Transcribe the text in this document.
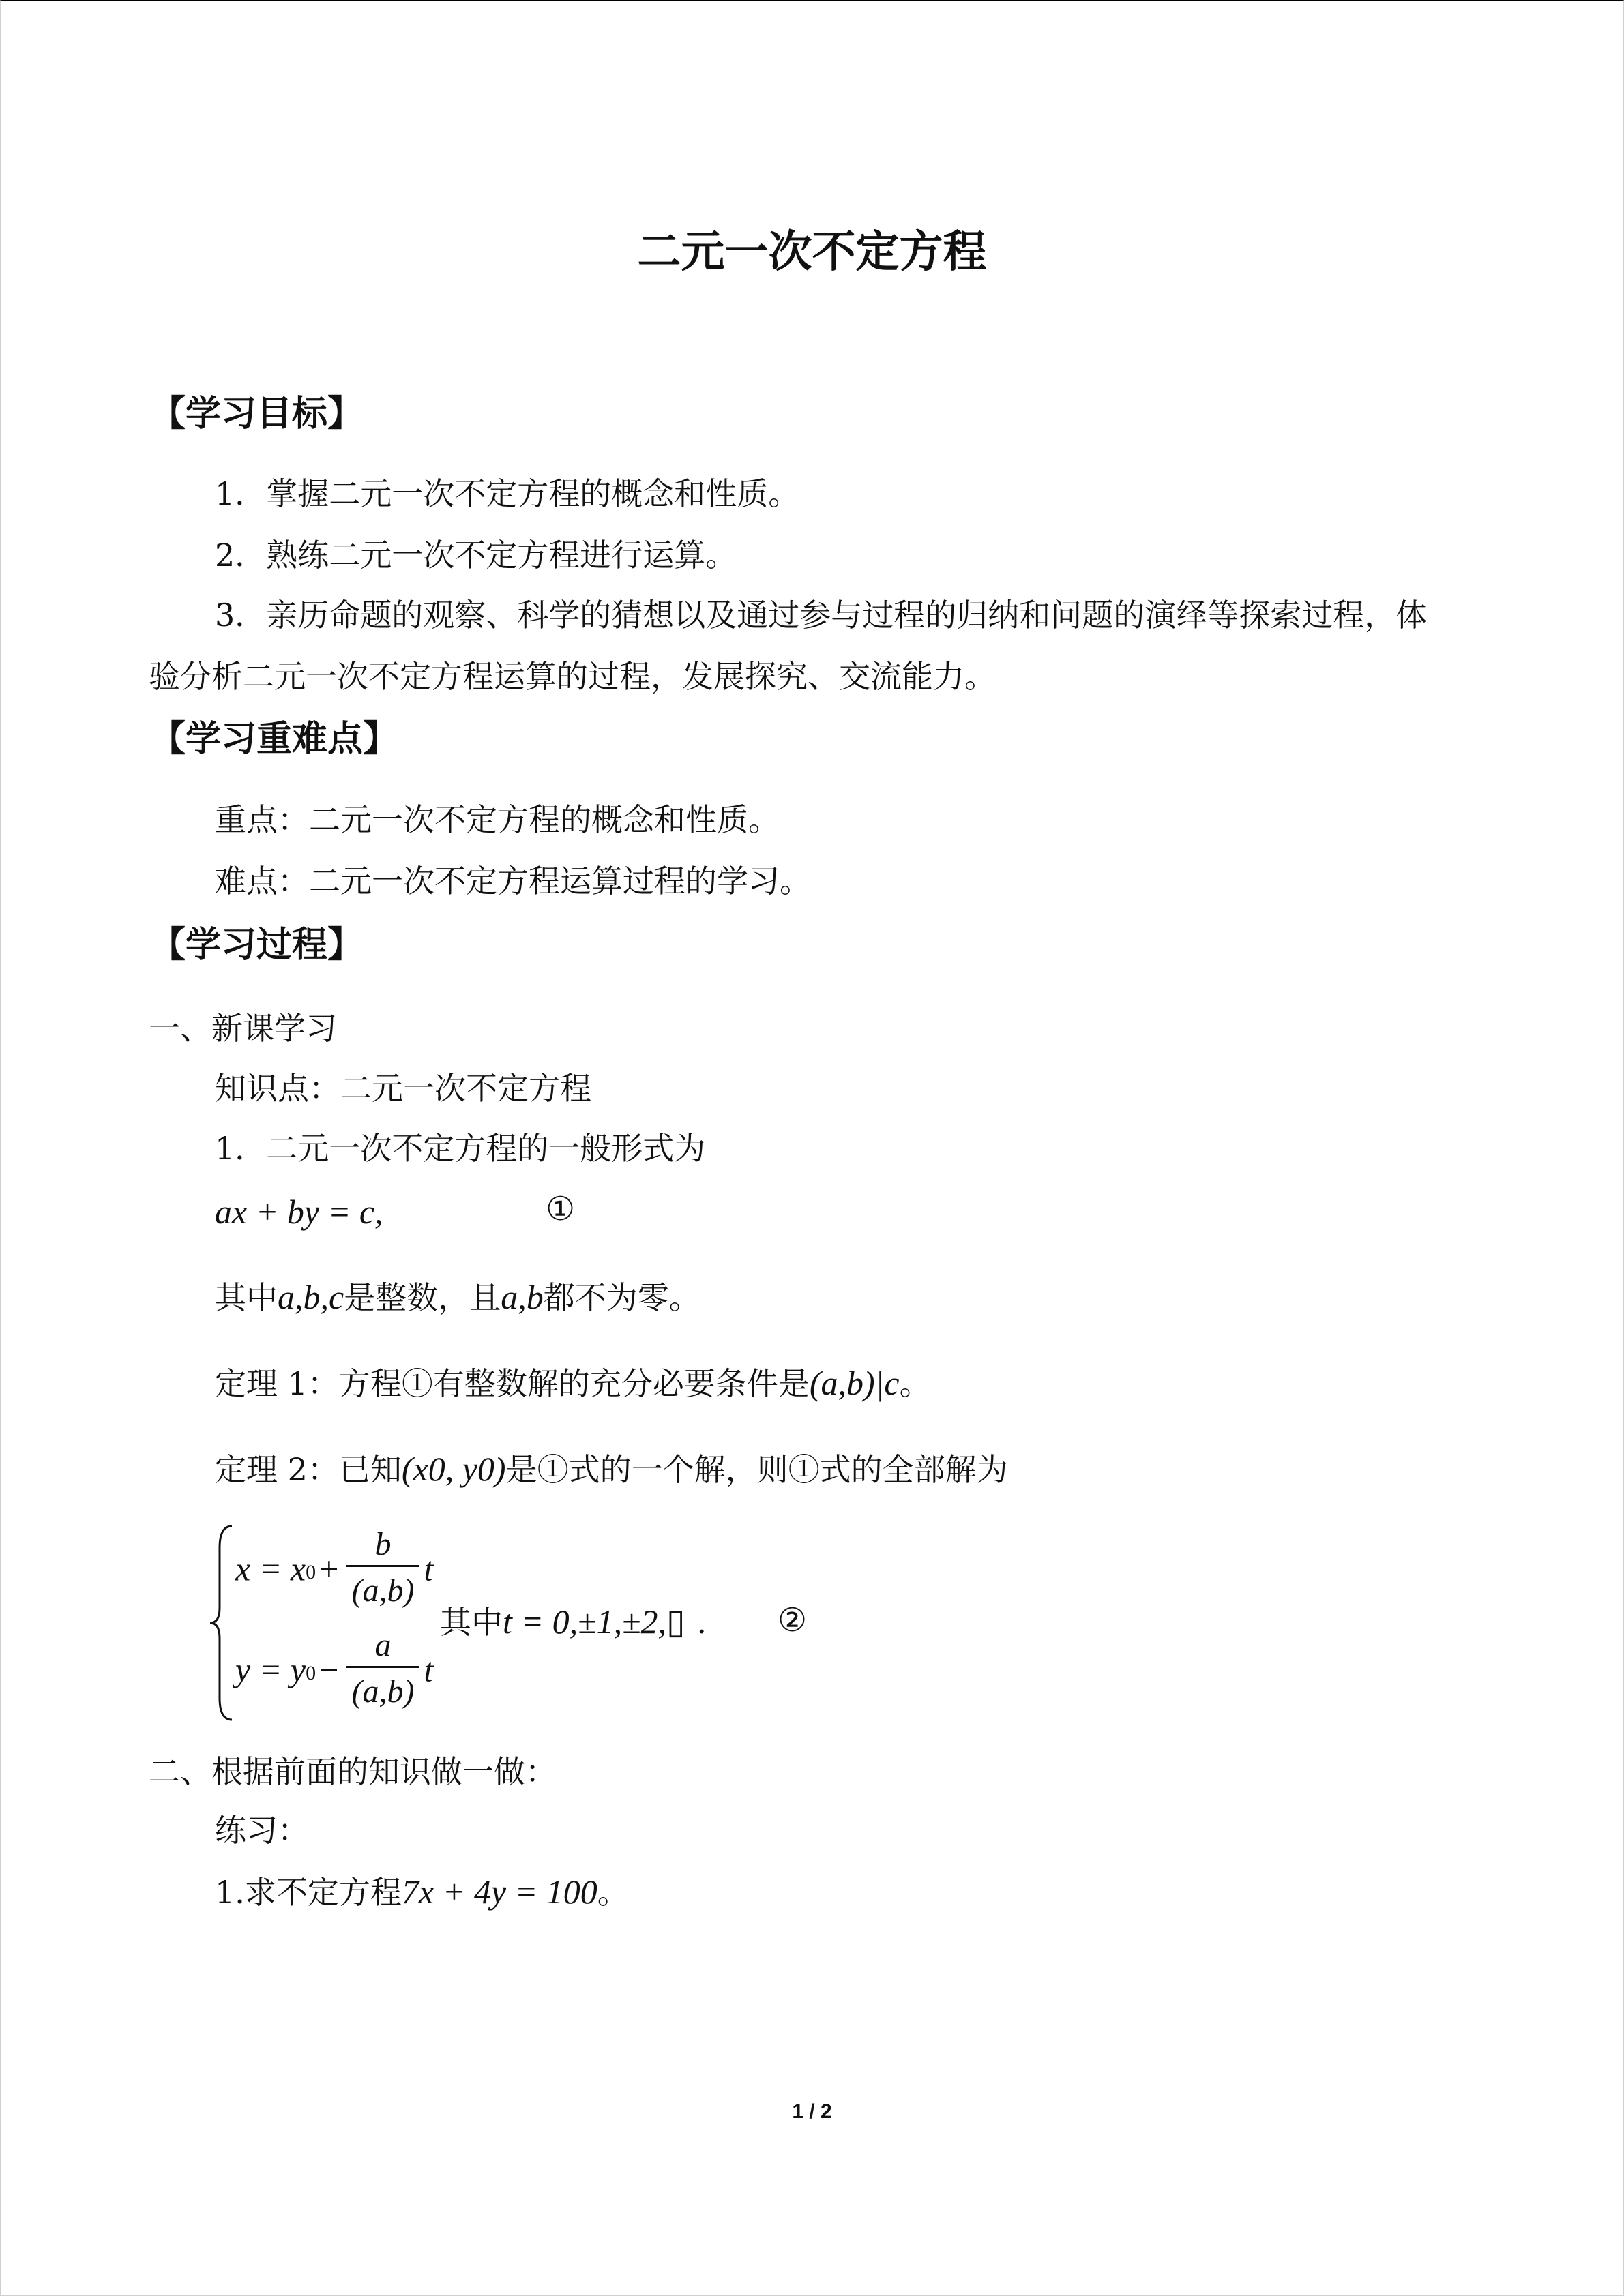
二元一次不定方程
【学习目标】
1．掌握二元一次不定方程的概念和性质。
2．熟练二元一次不定方程进行运算。
3．亲历命题的观察、科学的猜想以及通过参与过程的归纳和问题的演绎等探索过程，体
验分析二元一次不定方程运算的过程，发展探究、交流能力。
【学习重难点】
重点：二元一次不定方程的概念和性质。
难点：二元一次不定方程运算过程的学习。
【学习过程】
一、新课学习
知识点：二元一次不定方程
1．二元一次不定方程的一般形式为
ax + by = c,	①
其中a,b,c是整数，且a,b都不为零。
定理 1：方程①有整数解的充分必要条件是(a,b)|c。
定理 2：已知(x0, y0)是①式的一个解，则①式的全部解为
$x = x0 + \frac{b}{(a,b)}$ t
$y = y0 - \frac{a}{(a,b)}$ t
其中t = 0,±1,±2,▯ . ②
二、根据前面的知识做一做：
练习：
1.求不定方程7x + 4y = 100。
1 / 2
